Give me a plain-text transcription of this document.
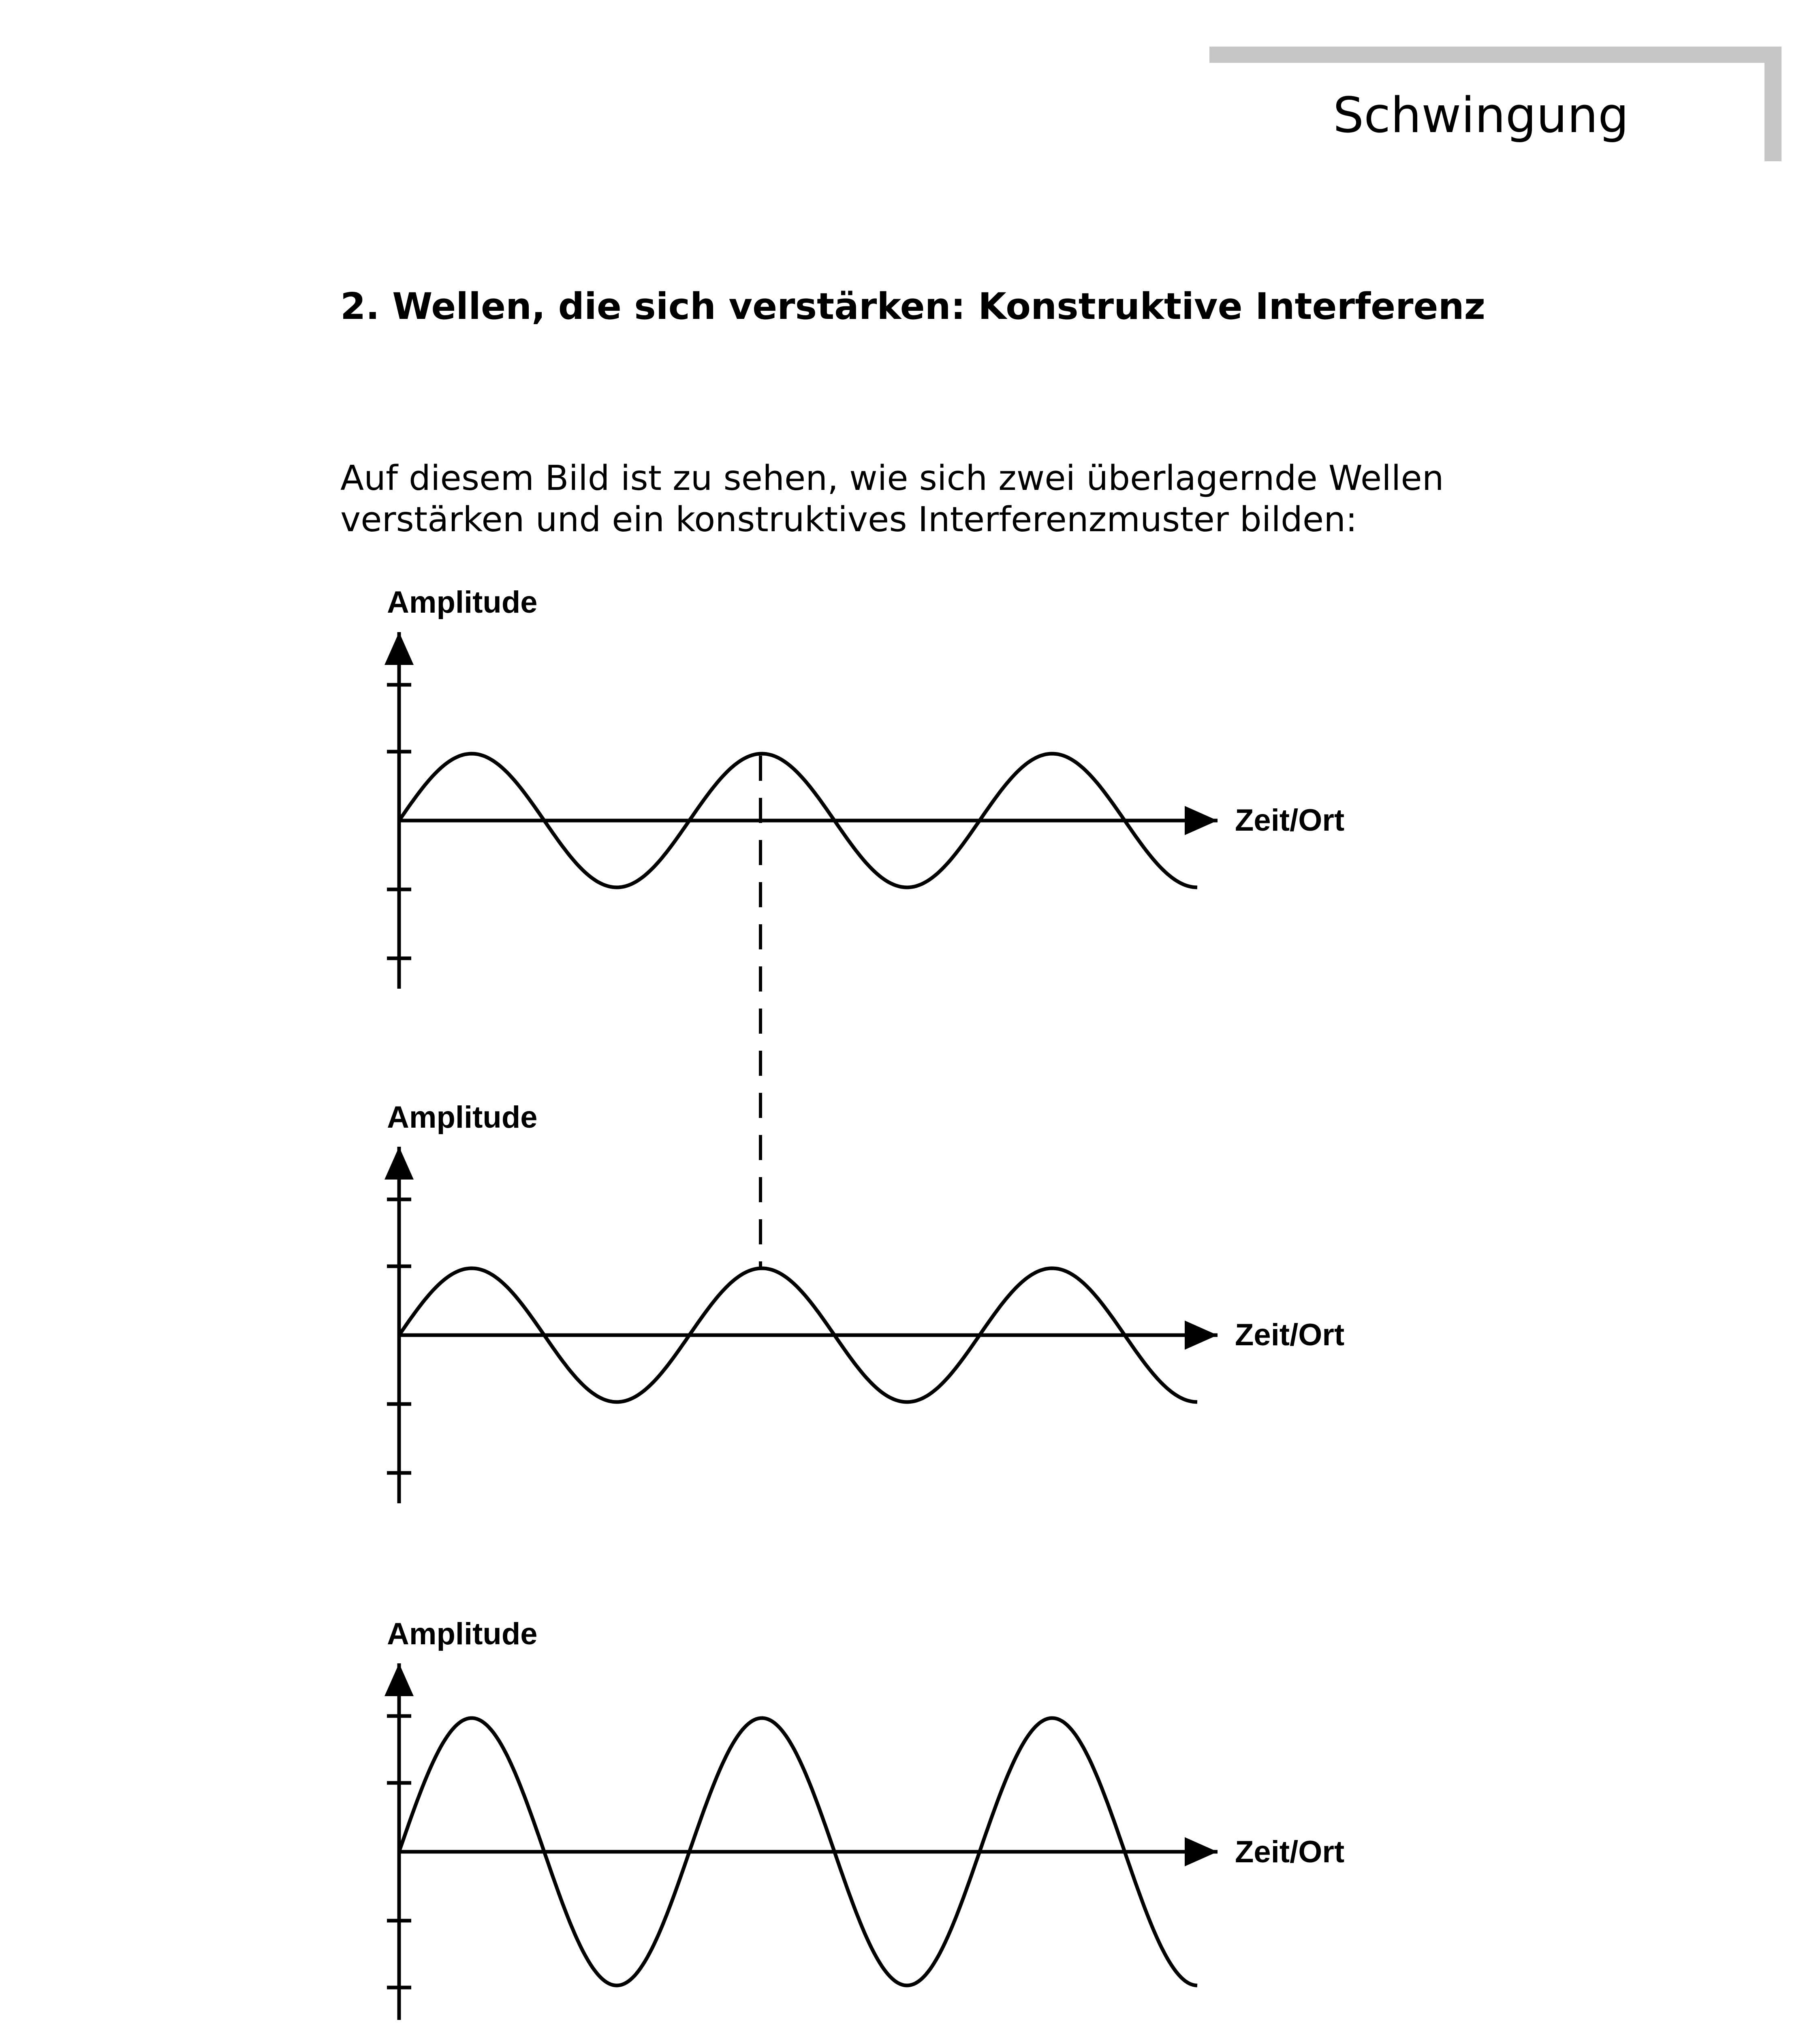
Schwingung
2. Wellen, die sich verstärken: Konstruktive Interferenz
Auf diesem Bild ist zu sehen, wie sich zwei überlagernde Wellen
verstärken und ein konstruktives Interferenzmuster bilden:
Amplitude
Zeit/Ort
Amplitude
Zeit/Ort
Amplitude
Zeit/Ort
